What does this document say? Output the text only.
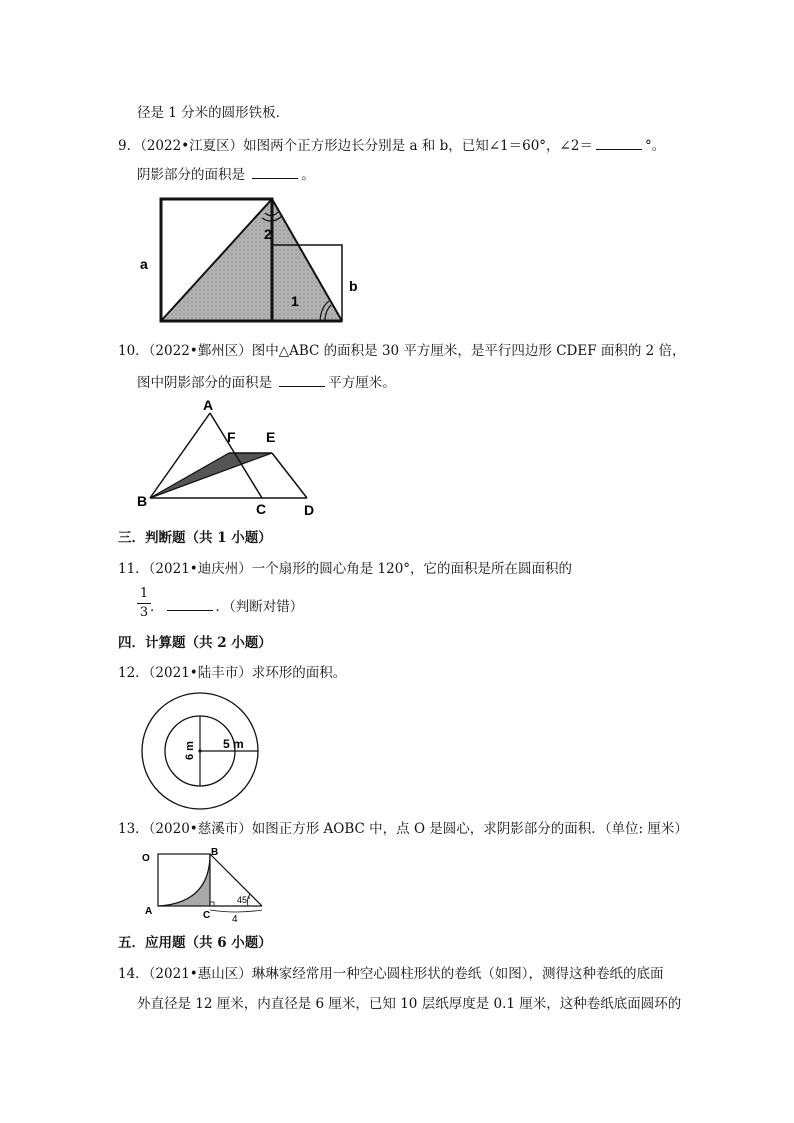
径是 1 分米的圆形铁板．
9．（2022•江夏区）如图两个正方形边长分别是 a 和 b，已知∠1＝60°，∠2＝	°。
阴影部分的面积是	。
a
b
2
1
10．（2022•鄞州区）图中△ABC 的面积是 30 平方厘米，是平行四边形 CDEF 面积的 2 倍，
图中阴影部分的面积是	平方厘米。
A
F E
B	C	D
三．判断题（共 1 小题）
11．（2021•迪庆州）一个扇形的圆心角是 120°，它的面积是所在圆面积的
1
3 ．	．（判断对错）
四．计算题（共 2 小题）
12．（2021•陆丰市）求环形的面积。
6 m 5 m
13．（2020•慈溪市）如图正方形 AOBC 中，点 O 是圆心，求阴影部分的面积．（单位: 厘米）
O
B
A	C
45°
4
五．应用题（共 6 小题）
14．（2021•惠山区）琳琳家经常用一种空心圆柱形状的卷纸（如图），测得这种卷纸的底面
外直径是 12 厘米，内直径是 6 厘米，已知 10 层纸厚度是 0.1 厘米，这种卷纸底面圆环的
